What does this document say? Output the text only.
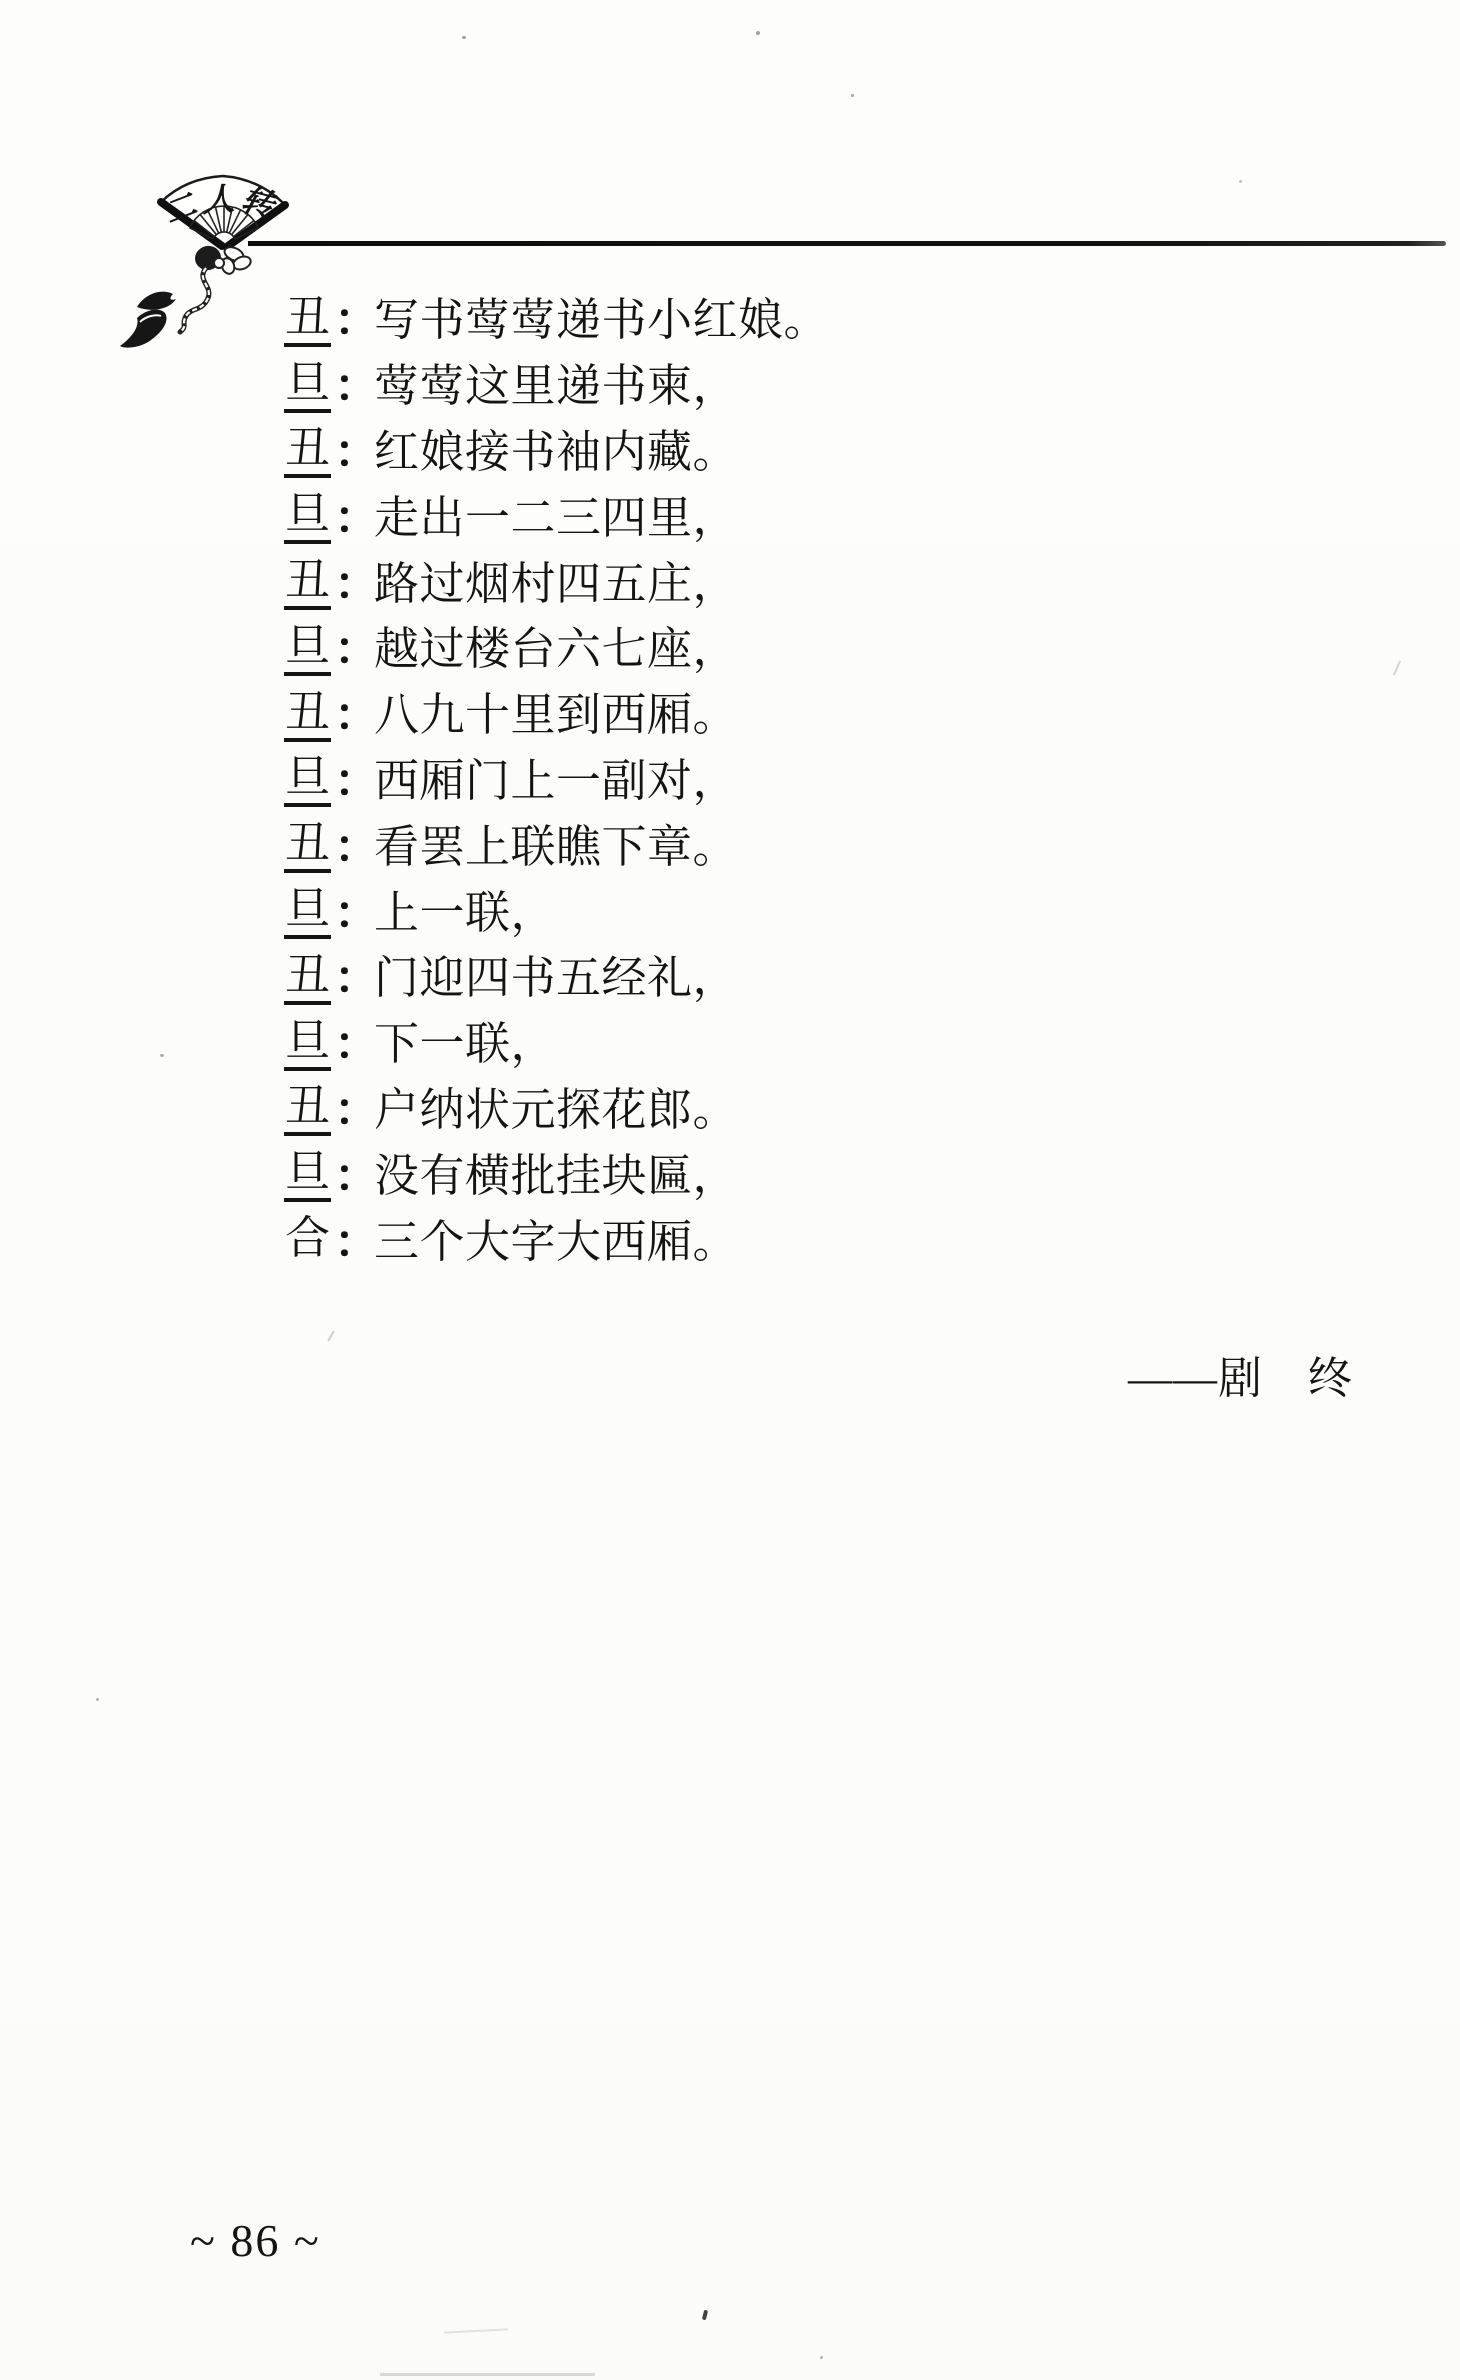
二人转
丑 ：
写书莺莺递书小红娘。
旦 ：
莺莺这里递书柬，
丑 ：
红娘接书袖内藏。
旦 ：
走出一二三四里，
丑 ：
路过烟村四五庄，
旦 ：
越过楼台六七座，
丑 ：
八九十里到西厢。
旦 ：
西厢门上一副对，
丑 ：
看罢上联瞧下章。
旦 ：
上一联，
丑 ：
门迎四书五经礼，
旦 ：
下一联，
丑 ：
户纳状元探花郎。
旦 ：
没有横批挂块匾，
合 ：
三个大字大西厢。
——剧　终
~ 86 ~
